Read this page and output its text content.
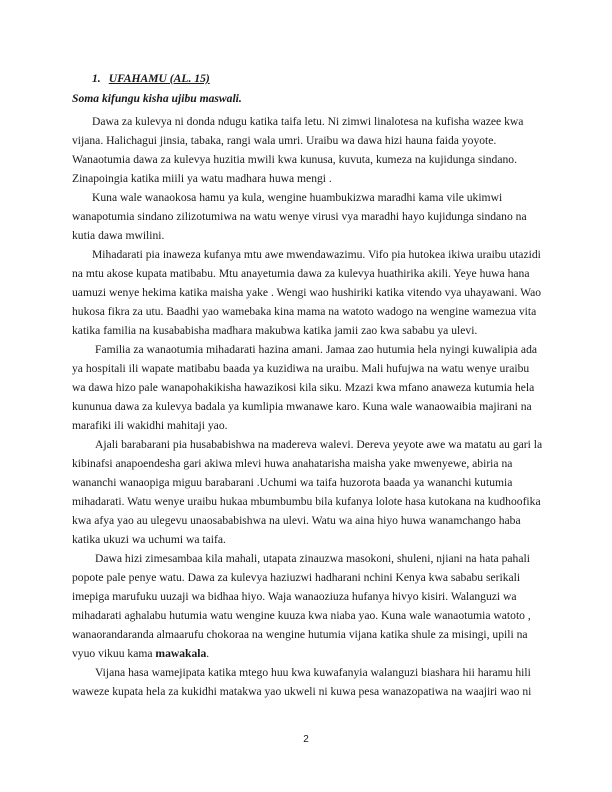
1. UFAHAMU (AL. 15)
Soma kifungu kisha ujibu maswali.
Dawa za kulevya ni donda ndugu katika taifa letu. Ni zimwi linalotesa na kufisha wazee kwa
vijana. Halichagui jinsia, tabaka, rangi wala umri. Uraibu wa dawa hizi hauna faida yoyote.
Wanaotumia dawa za kulevya huzitia mwili kwa kunusa, kuvuta, kumeza na kujidunga sindano.
Zinapoingia katika miili ya watu madhara huwa mengi .
Kuna wale wanaokosa hamu ya kula, wengine huambukizwa maradhi kama vile ukimwi
wanapotumia sindano zilizotumiwa na watu wenye virusi vya maradhi hayo kujidunga sindano na
kutia dawa mwilini.
Mihadarati pia inaweza kufanya mtu awe mwendawazimu. Vifo pia hutokea ikiwa uraibu utazidi
na mtu akose kupata matibabu. Mtu anayetumia dawa za kulevya huathirika akili. Yeye huwa hana
uamuzi wenye hekima katika maisha yake . Wengi wao hushiriki katika vitendo vya uhayawani. Wao
hukosa fikra za utu. Baadhi yao wamebaka kina mama na watoto wadogo na wengine wamezua vita
katika familia na kusababisha madhara makubwa katika jamii zao kwa sababu ya ulevi.
Familia za wanaotumia mihadarati hazina amani. Jamaa zao hutumia hela nyingi kuwalipia ada
ya hospitali ili wapate matibabu baada ya kuzidiwa na uraibu. Mali hufujwa na watu wenye uraibu
wa dawa hizo pale wanapohakikisha hawazikosi kila siku. Mzazi kwa mfano anaweza kutumia hela
kununua dawa za kulevya badala ya kumlipia mwanawe karo. Kuna wale wanaowaibia majirani na
marafiki ili wakidhi mahitaji yao.
Ajali barabarani pia husababishwa na madereva walevi. Dereva yeyote awe wa matatu au gari la
kibinafsi anapoendesha gari akiwa mlevi huwa anahatarisha maisha yake mwenyewe, abiria na
wananchi wanaopiga miguu barabarani .Uchumi wa taifa huzorota baada ya wananchi kutumia
mihadarati. Watu wenye uraibu hukaa mbumbumbu bila kufanya lolote hasa kutokana na kudhoofika
kwa afya yao au ulegevu unaosababishwa na ulevi. Watu wa aina hiyo huwa wanamchango haba
katika ukuzi wa uchumi wa taifa.
Dawa hizi zimesambaa kila mahali, utapata zinauzwa masokoni, shuleni, njiani na hata pahali
popote pale penye watu. Dawa za kulevya haziuzwi hadharani nchini Kenya kwa sababu serikali
imepiga marufuku uuzaji wa bidhaa hiyo. Waja wanaoziuza hufanya hivyo kisiri. Walanguzi wa
mihadarati aghalabu hutumia watu wengine kuuza kwa niaba yao. Kuna wale wanaotumia watoto ,
wanaorandaranda almaarufu chokoraa na wengine hutumia vijana katika shule za misingi, upili na
vyuo vikuu kama mawakala.
Vijana hasa wamejipata katika mtego huu kwa kuwafanyia walanguzi biashara hii haramu hili
waweze kupata hela za kukidhi matakwa yao ukweli ni kuwa pesa wanazopatiwa na waajiri wao ni
2
